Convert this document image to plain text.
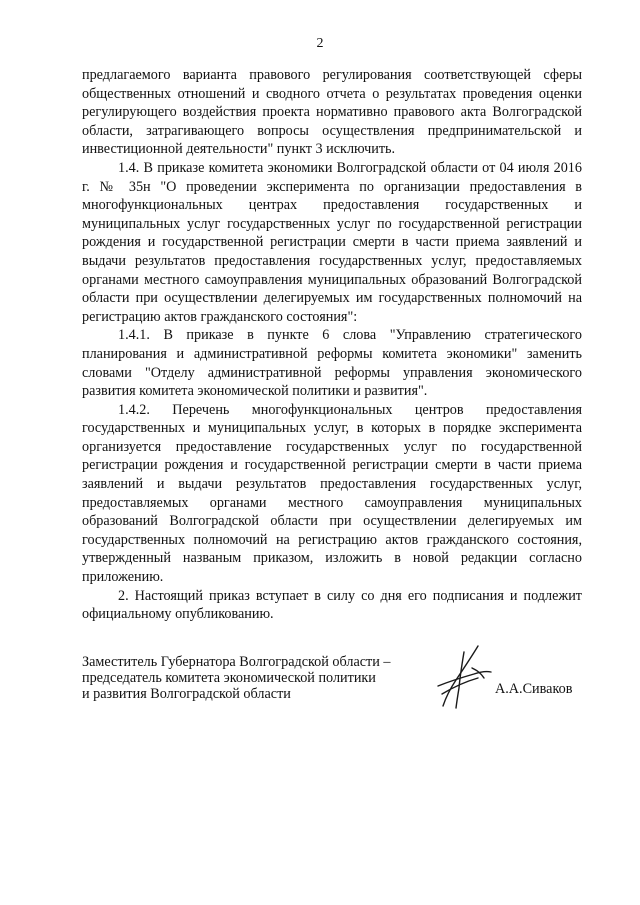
2

предлагаемого варианта правового регулирования соответствующей сферы общественных отношений и сводного отчета о результатах проведения оценки регулирующего воздействия проекта нормативно правового акта Волгоградской области, затрагивающего вопросы осуществления предпринимательской и инвестиционной деятельности" пункт 3 исключить.

1.4. В приказе комитета экономики Волгоградской области от 04 июля 2016 г. № 35н "О проведении эксперимента по организации предоставления в многофункциональных центрах предоставления государственных и муниципальных услуг государственных услуг по государственной регистрации рождения и государственной регистрации смерти в части приема заявлений и выдачи результатов предоставления государственных услуг, предоставляемых органами местного самоуправления муниципальных образований Волгоградской области при осуществлении делегируемых им государственных полномочий на регистрацию актов гражданского состояния":

1.4.1. В приказе в пункте 6 слова "Управлению стратегического планирования и административной реформы комитета экономики" заменить словами "Отделу административной реформы управления экономического развития комитета экономической политики и развития".

1.4.2. Перечень многофункциональных центров предоставления государственных и муниципальных услуг, в которых в порядке эксперимента организуется предоставление государственных услуг по государственной регистрации рождения и государственной регистрации смерти в части приема заявлений и выдачи результатов предоставления государственных услуг, предоставляемых органами местного самоуправления муниципальных образований Волгоградской области при осуществлении делегируемых им государственных полномочий на регистрацию актов гражданского состояния, утвержденный названым приказом, изложить в новой редакции согласно приложению.

2. Настоящий приказ вступает в силу со дня его подписания и подлежит официальному опубликованию.

Заместитель Губернатора Волгоградской области –
председатель комитета экономической политики
и развития Волгоградской области	А.А.Сиваков
